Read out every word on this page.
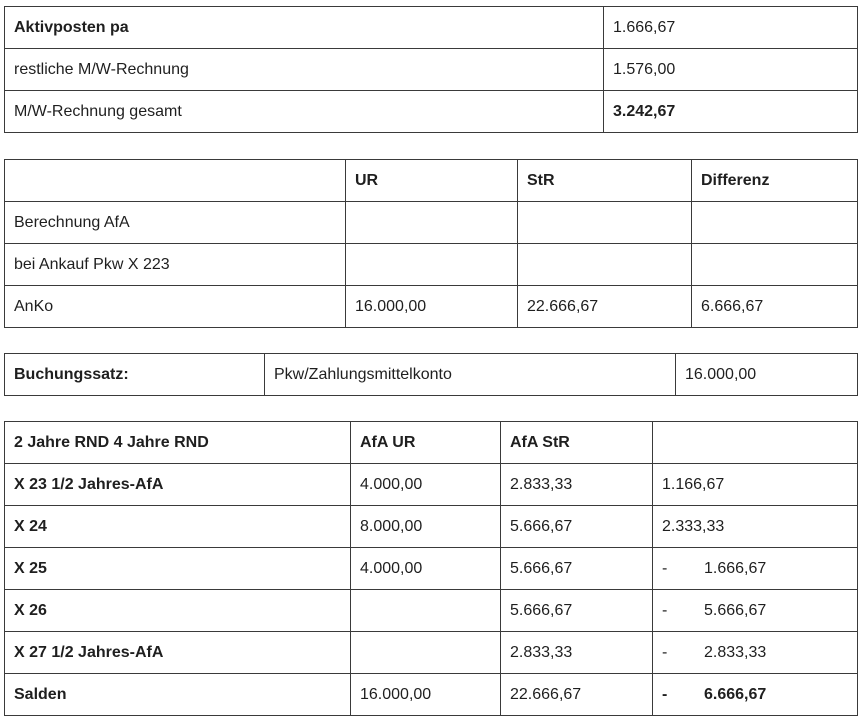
Aktivposten pa	1.666,67
restliche M/W-Rechnung	1.576,00
M/W-Rechnung gesamt	3.242,67
	UR	StR	Differenz
Berechnung AfA			
bei Ankauf Pkw X 223			
AnKo	16.000,00	22.666,67	6.666,67
Buchungssatz:	Pkw/Zahlungsmittelkonto	16.000,00
2 Jahre RND 4 Jahre RND	AfA UR	AfA StR	
X 23 1/2 Jahres-AfA	4.000,00	2.833,33	1.166,67
X 24	8.000,00	5.666,67	2.333,33
X 25	4.000,00	5.666,67	- 1.666,67
X 26		5.666,67	- 5.666,67
X 27 1/2 Jahres-AfA		2.833,33	- 2.833,33
Salden	16.000,00	22.666,67	- 6.666,67
